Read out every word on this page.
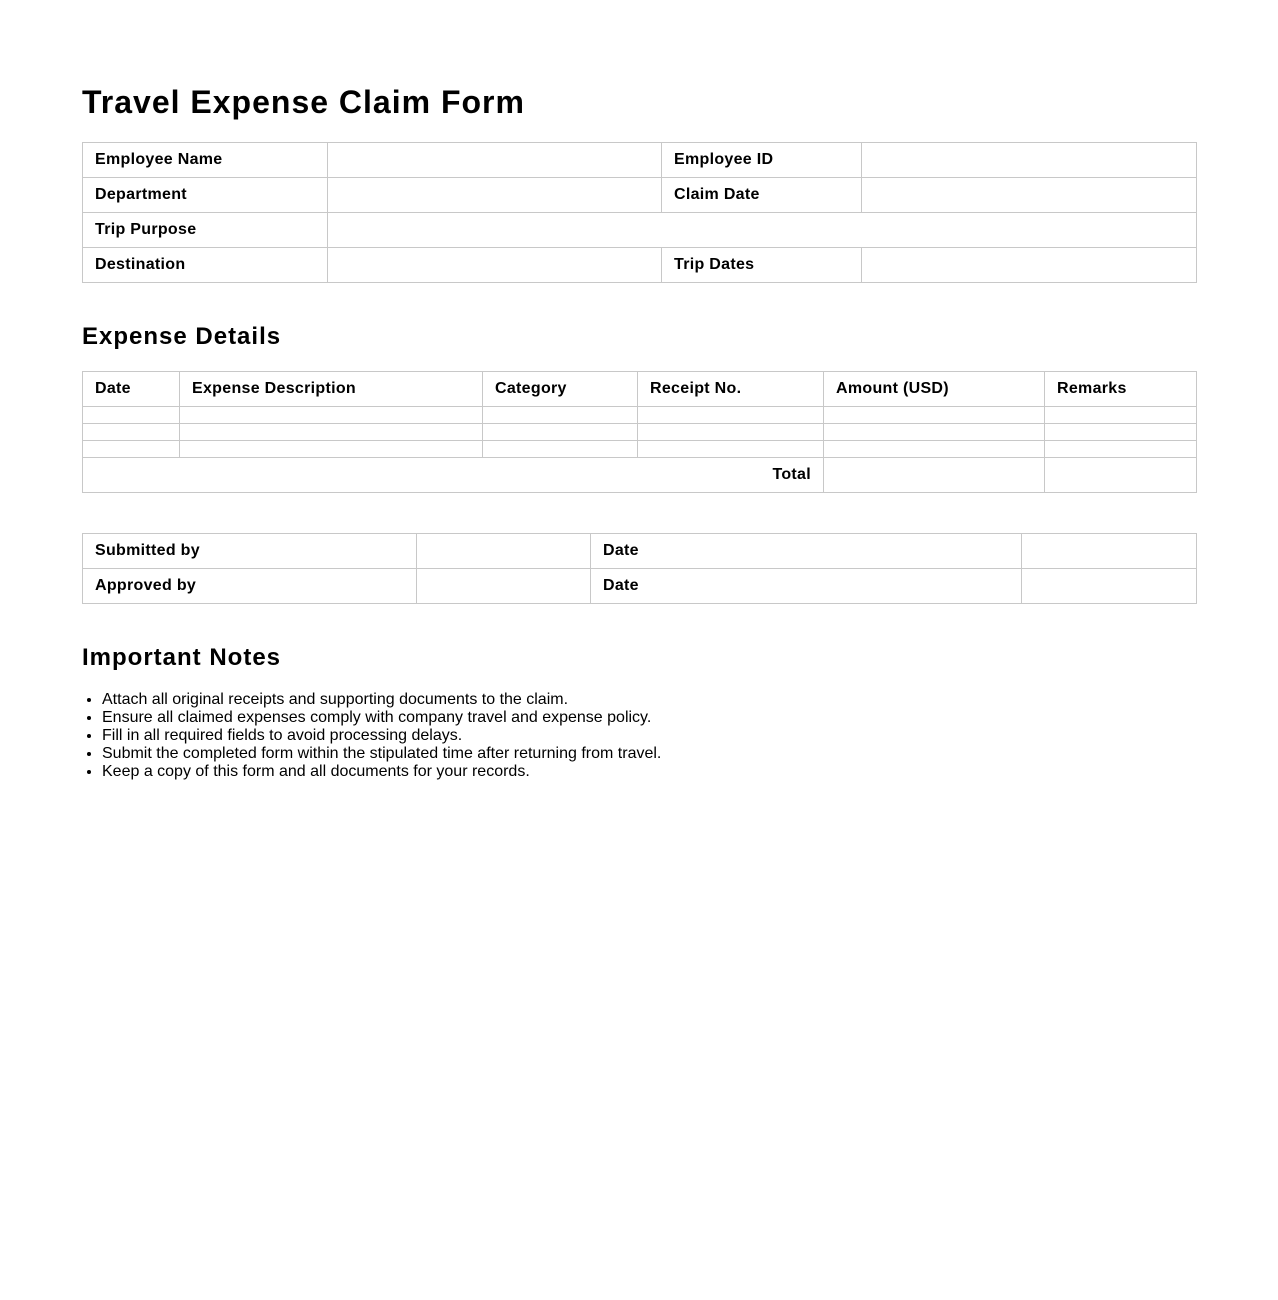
Travel Expense Claim Form
Employee Name		Employee ID	
Department		Claim Date	
Trip Purpose			
Destination		Trip Dates	
Expense Details
Date	Expense Description	Category	Receipt No.	Amount (USD)	Remarks

Total					
Submitted by		Date	
Approved by		Date	
Important Notes
• Attach all original receipts and supporting documents to the claim.
• Ensure all claimed expenses comply with company travel and expense policy.
• Fill in all required fields to avoid processing delays.
• Submit the completed form within the stipulated time after returning from travel.
• Keep a copy of this form and all documents for your records.
